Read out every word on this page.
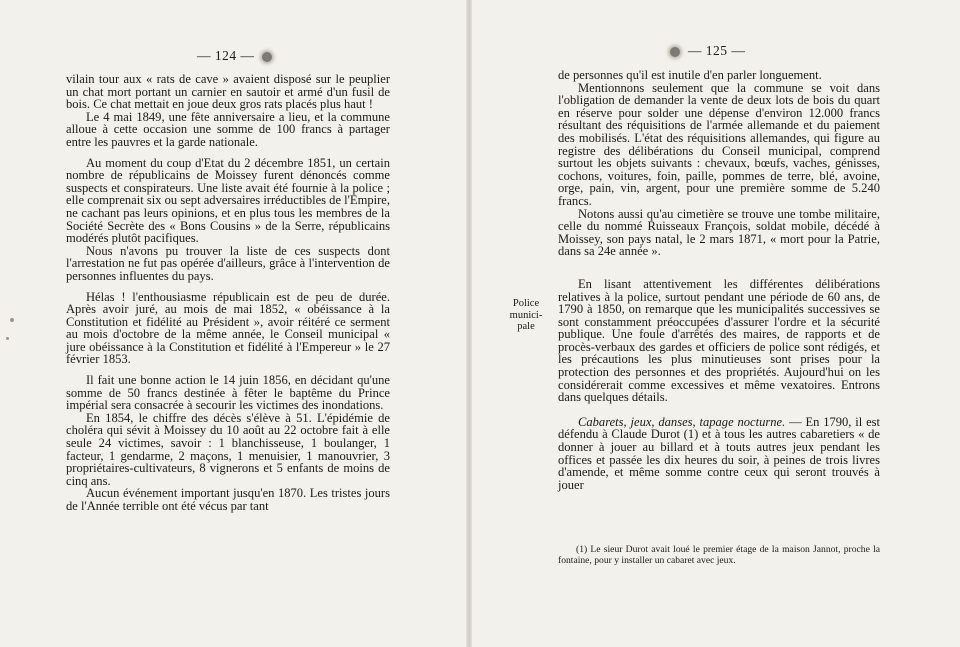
— 124 —

vilain tour aux « rats de cave » avaient disposé sur le peuplier un chat mort portant un carnier en sautoir et armé d'un fusil de bois. Ce chat mettait en joue deux gros rats placés plus haut !

Le 4 mai 1849, une fête anniversaire a lieu, et la commune alloue à cette occasion une somme de 100 francs à partager entre les pauvres et la garde nationale.

Au moment du coup d'Etat du 2 décembre 1851, un certain nombre de républicains de Moissey furent dénoncés comme suspects et conspirateurs. Une liste avait été fournie à la police ; elle comprenait six ou sept adversaires irréductibles de l'Empire, ne cachant pas leurs opinions, et en plus tous les membres de la Société Secrète des « Bons Cousins » de la Serre, républicains modérés plutôt pacifiques.

Nous n'avons pu trouver la liste de ces suspects dont l'arrestation ne fut pas opérée d'ailleurs, grâce à l'intervention de personnes influentes du pays.

Hélas ! l'enthousiasme républicain est de peu de durée. Après avoir juré, au mois de mai 1852, « obéissance à la Constitution et fidélité au Président », avoir réitéré ce serment au mois d'octobre de la même année, le Conseil municipal « jure obéissance à la Constitution et fidélité à l'Empereur » le 27 février 1853.

Il fait une bonne action le 14 juin 1856, en décidant qu'une somme de 50 francs destinée à fêter le baptême du Prince impérial sera consacrée à secourir les victimes des inondations.

En 1854, le chiffre des décès s'élève à 51. L'épidémie de choléra qui sévit à Moissey du 10 août au 22 octobre fait à elle seule 24 victimes, savoir : 1 blanchisseuse, 1 boulanger, 1 facteur, 1 gendarme, 2 maçons, 1 menuisier, 1 manouvrier, 3 propriétaires-cultivateurs, 8 vignerons et 5 enfants de moins de cinq ans.

Aucun événement important jusqu'en 1870. Les tristes jours de l'Année terrible ont été vécus par tant

— 125 —
Police munici-pale

de personnes qu'il est inutile d'en parler longuement.

Mentionnons seulement que la commune se voit dans l'obligation de demander la vente de deux lots de bois du quart en réserve pour solder une dépense d'environ 12.000 francs résultant des réquisitions de l'armée allemande et du paiement des mobilisés. L'état des réquisitions allemandes, qui figure au registre des délibérations du Conseil municipal, comprend surtout les objets suivants : chevaux, bœufs, vaches, génisses, cochons, voitures, foin, paille, pommes de terre, blé, avoine, orge, pain, vin, argent, pour une première somme de 5.240 francs.

Notons aussi qu'au cimetière se trouve une tombe militaire, celle du nommé Ruisseaux François, soldat mobile, décédé à Moissey, son pays natal, le 2 mars 1871, « mort pour la Patrie, dans sa 24e année ».

En lisant attentivement les différentes délibérations relatives à la police, surtout pendant une période de 60 ans, de 1790 à 1850, on remarque que les municipalités successives se sont constamment préoccupées d'assurer l'ordre et la sécurité publique. Une foule d'arrêtés des maires, de rapports et de procès-verbaux des gardes et officiers de police sont rédigés, et les précautions les plus minutieuses sont prises pour la protection des personnes et des propriétés. Aujourd'hui on les considérerait comme excessives et même vexatoires. Entrons dans quelques détails.

Cabarets, jeux, danses, tapage nocturne. — En 1790, il est défendu à Claude Durot (1) et à tous les autres cabaretiers « de donner à jouer au billard et à touts autres jeux pendant les offices et passée les dix heures du soir, à peines de trois livres d'amende, et même somme contre ceux qui seront trouvés à jouer

(1) Le sieur Durot avait loué le premier étage de la maison Jannot, proche la fontaine, pour y installer un cabaret avec jeux.
